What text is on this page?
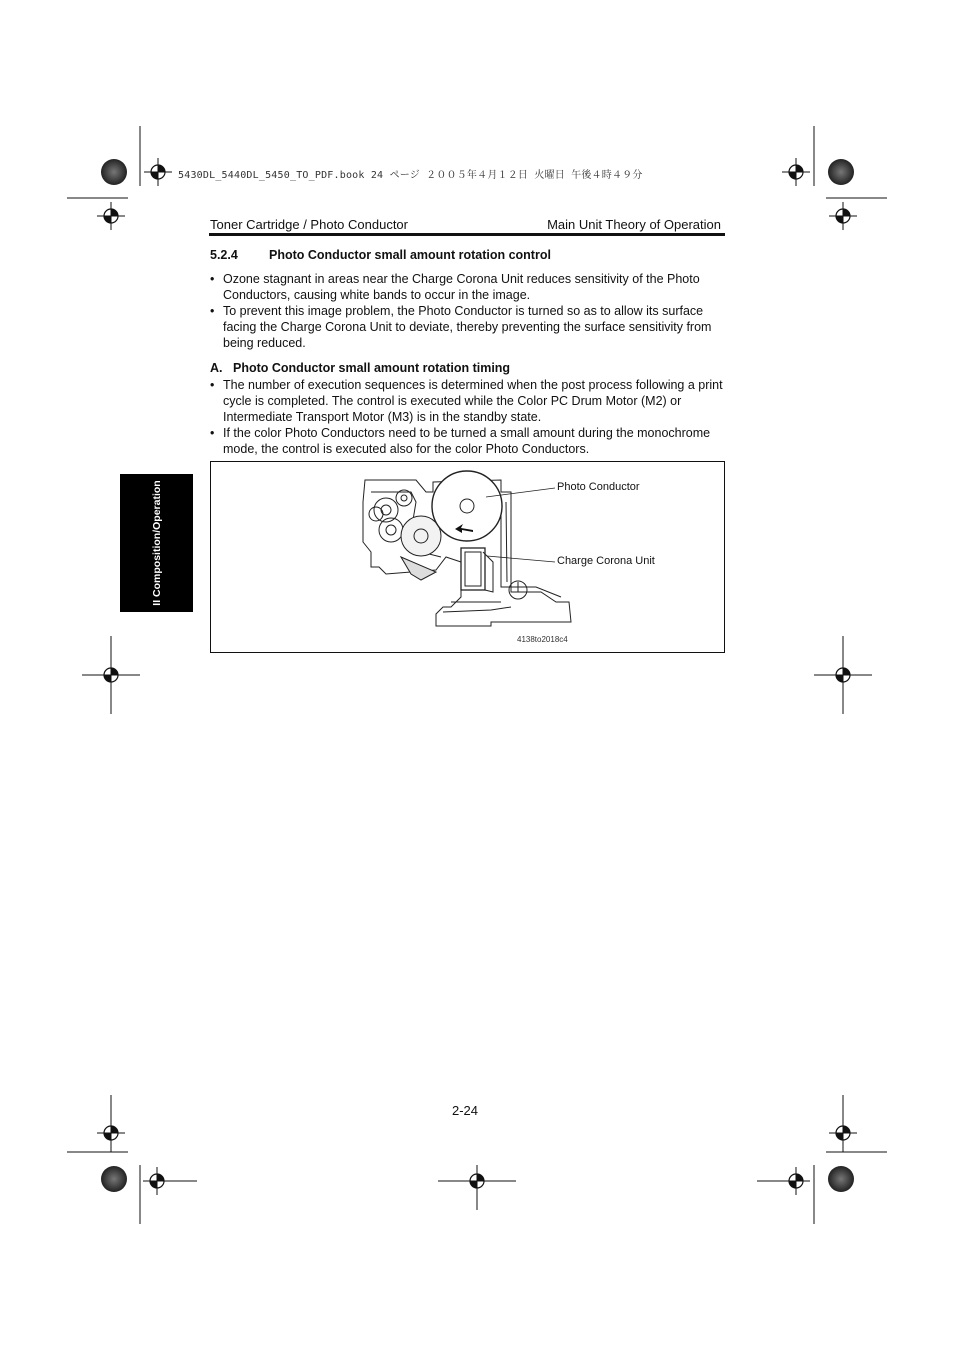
5430DL_5440DL_5450_TO_PDF.book 24 ページ ２００５年４月１２日 火曜日 午後４時４９分
Toner Cartridge / Photo Conductor	Main Unit Theory of Operation
5.2.4 Photo Conductor small amount rotation control
• Ozone stagnant in areas near the Charge Corona Unit reduces sensitivity of the Photo Conductors, causing white bands to occur in the image.
• To prevent this image problem, the Photo Conductor is turned so as to allow its surface facing the Charge Corona Unit to deviate, thereby preventing the surface sensitivity from being reduced.
A. Photo Conductor small amount rotation timing
• The number of execution sequences is determined when the post process following a print cycle is completed. The control is executed while the Color PC Drum Motor (M2) or Intermediate Transport Motor (M3) is in the standby state.
• If the color Photo Conductors need to be turned a small amount during the monochrome mode, the control is executed also for the color Photo Conductors.
II Composition/Operation	Photo Conductor
Charge Corona Unit
4138to2018c4
2-24
